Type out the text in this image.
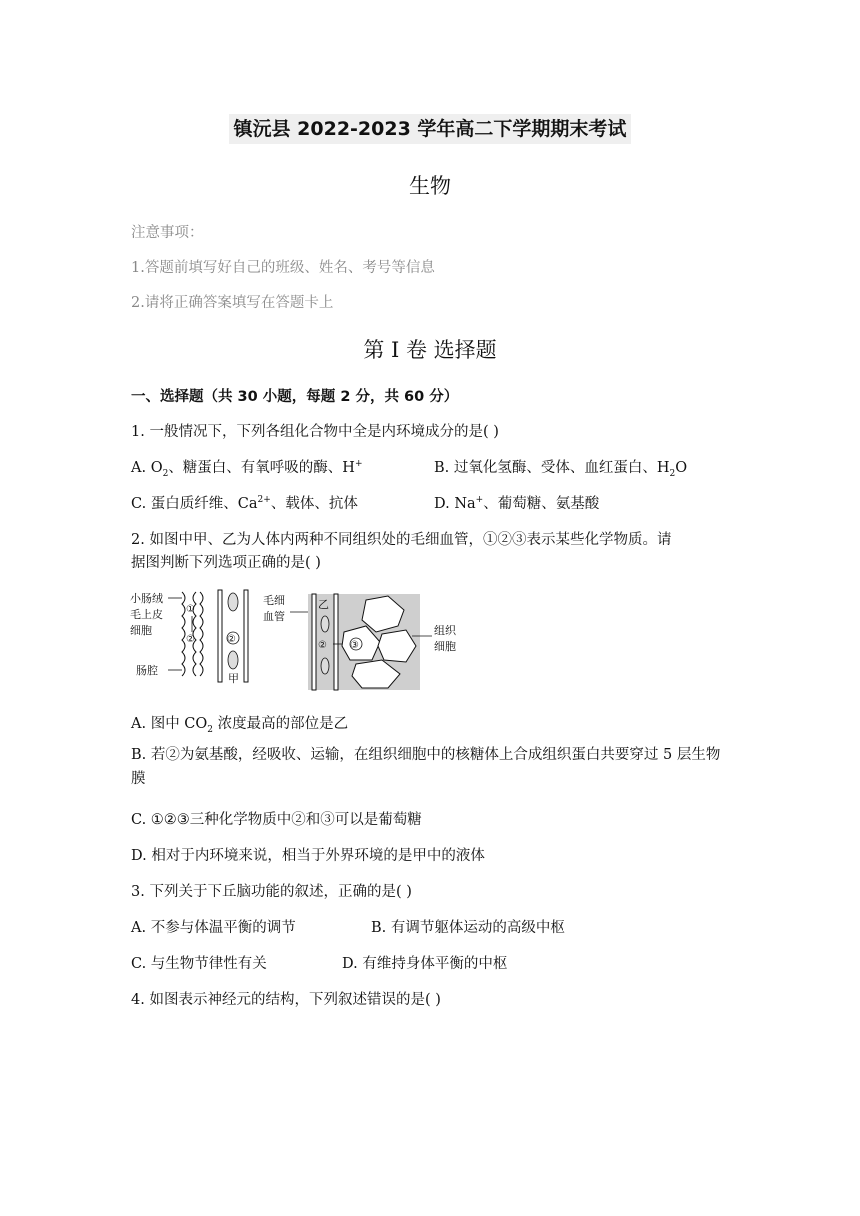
镇沅县 2022-2023 学年高二下学期期末考试
生物
注意事项：
1.答题前填写好自己的班级、姓名、考号等信息
2.请将正确答案填写在答题卡上
第 I 卷 选择题
一、选择题（共 30 小题，每题 2 分，共 60 分）
1. 一般情况下，下列各组化合物中全是内环境成分的是( )
A. $O_2$、糖蛋白、有氧呼吸的酶、H+	B. 过氧化氢酶、受体、血红蛋白、$H_2O$
C. 蛋白质纤维、$Ca^{2+}$、载体、抗体	D. Na+、葡萄糖、氨基酸
2. 如图中甲、乙为人体内两种不同组织处的毛细血管，①②③表示某些化学物质。请
据图判断下列选项正确的是( )
小肠绒
毛上皮
细胞
肠腔
①
②	②
甲
毛细
血管
乙
② ③
组织
细胞
A. 图中 $CO_2$ 浓度最高的部位是乙
B. 若②为氨基酸，经吸收、运输，在组织细胞中的核糖体上合成组织蛋白共要穿过 5 层生物膜
C. ①②③三种化学物质中②和③可以是葡萄糖
D. 相对于内环境来说，相当于外界环境的是甲中的液体
3. 下列关于下丘脑功能的叙述，正确的是( )
A. 不参与体温平衡的调节	B. 有调节躯体运动的高级中枢
C. 与生物节律性有关	D. 有维持身体平衡的中枢
4. 如图表示神经元的结构，下列叙述错误的是( )
